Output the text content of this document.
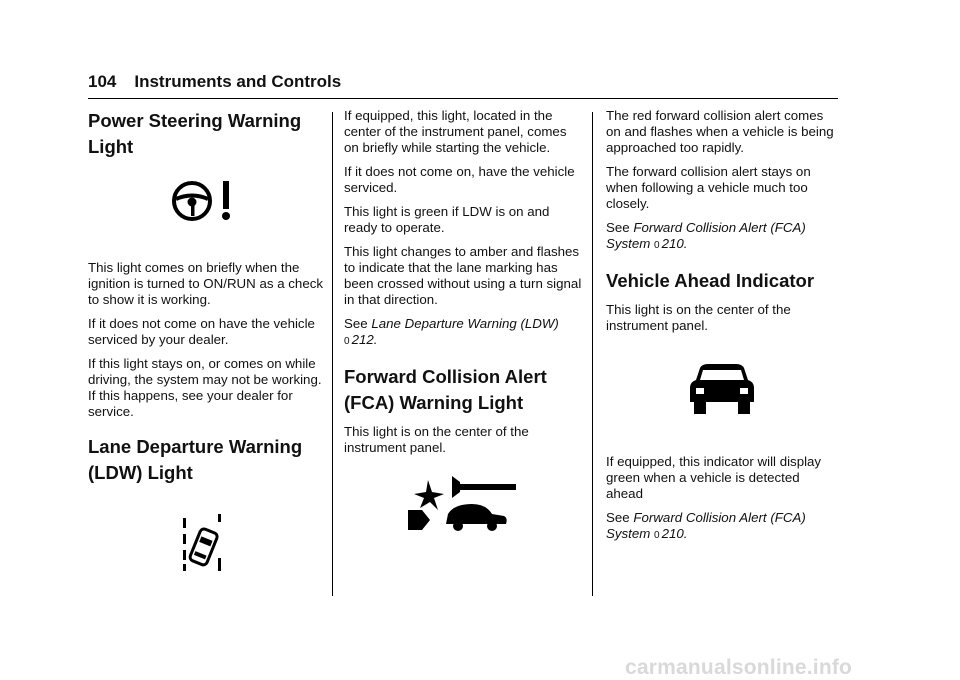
104 Instruments and Controls
Power Steering Warning Light

This light comes on briefly when the ignition is turned to ON/RUN as a check to show it is working.

If it does not come on have the vehicle serviced by your dealer.

If this light stays on, or comes on while driving, the system may not be working. If this happens, see your dealer for service.

Lane Departure Warning (LDW) Light

If equipped, this light, located in the center of the instrument panel, comes on briefly while starting the vehicle.

If it does not come on, have the vehicle serviced.

This light is green if LDW is on and ready to operate.

This light changes to amber and flashes to indicate that the lane marking has been crossed without using a turn signal in that direction.

See Lane Departure Warning (LDW)
0 212.

Forward Collision Alert (FCA) Warning Light

This light is on the center of the instrument panel.

The red forward collision alert comes on and flashes when a vehicle is being approached too rapidly.

The forward collision alert stays on when following a vehicle much too closely.

See Forward Collision Alert (FCA) System 0 210.

Vehicle Ahead Indicator

This light is on the center of the instrument panel.

If equipped, this indicator will display green when a vehicle is detected ahead

See Forward Collision Alert (FCA) System 0 210.

carmanualsonline.info
